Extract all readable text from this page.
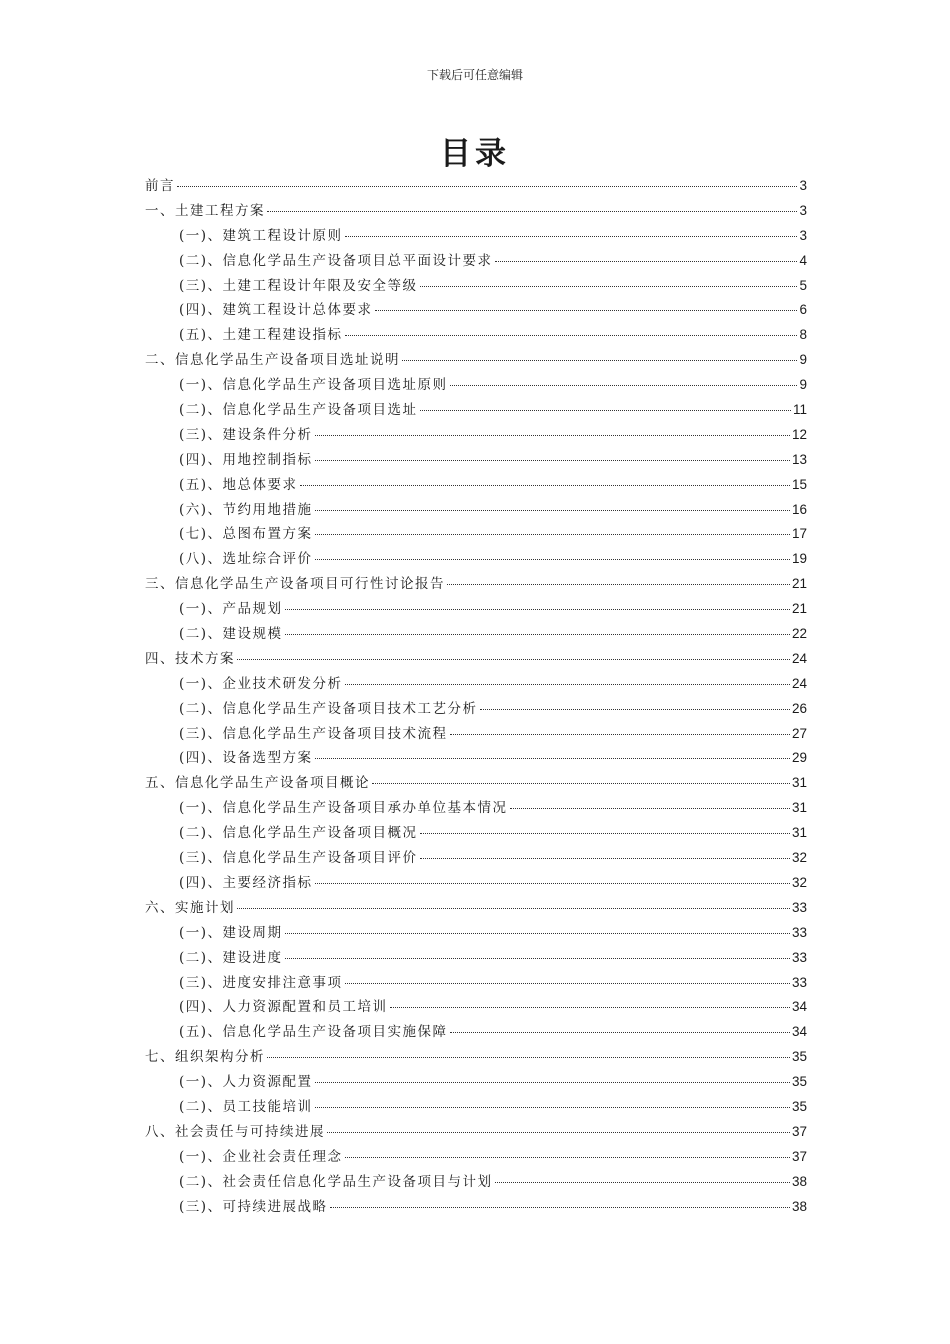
下载后可任意编辑
目录
前言	3
一、土建工程方案	3
(一)、建筑工程设计原则	3
(二)、信息化学品生产设备项目总平面设计要求	4
(三)、土建工程设计年限及安全等级	5
(四)、建筑工程设计总体要求	6
(五)、土建工程建设指标	8
二、信息化学品生产设备项目选址说明	9
(一)、信息化学品生产设备项目选址原则	9
(二)、信息化学品生产设备项目选址	11
(三)、建设条件分析	12
(四)、用地控制指标	13
(五)、地总体要求	15
(六)、节约用地措施	16
(七)、总图布置方案	17
(八)、选址综合评价	19
三、信息化学品生产设备项目可行性讨论报告	21
(一)、产品规划	21
(二)、建设规模	22
四、技术方案	24
(一)、企业技术研发分析	24
(二)、信息化学品生产设备项目技术工艺分析	26
(三)、信息化学品生产设备项目技术流程	27
(四)、设备选型方案	29
五、信息化学品生产设备项目概论	31
(一)、信息化学品生产设备项目承办单位基本情况	31
(二)、信息化学品生产设备项目概况	31
(三)、信息化学品生产设备项目评价	32
(四)、主要经济指标	32
六、实施计划	33
(一)、建设周期	33
(二)、建设进度	33
(三)、进度安排注意事项	33
(四)、人力资源配置和员工培训	34
(五)、信息化学品生产设备项目实施保障	34
七、组织架构分析	35
(一)、人力资源配置	35
(二)、员工技能培训	35
八、社会责任与可持续进展	37
(一)、企业社会责任理念	37
(二)、社会责任信息化学品生产设备项目与计划	38
(三)、可持续进展战略	38
